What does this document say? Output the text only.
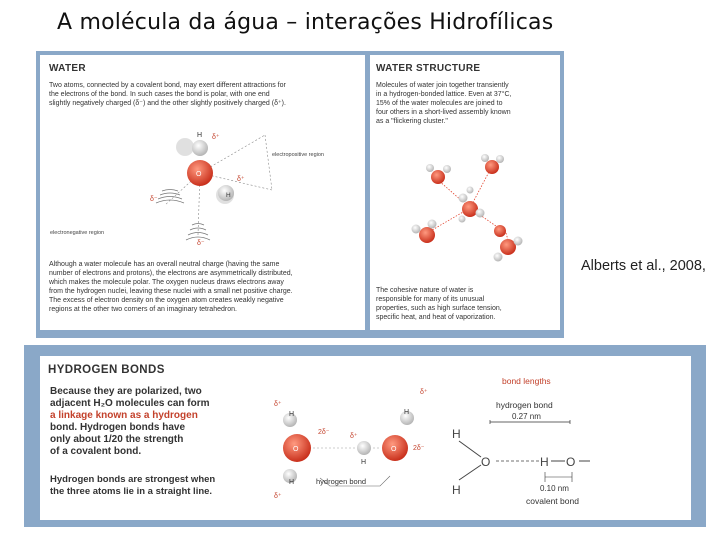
A molécula da água – interações Hidrofílicas
WATER
Two atoms, connected by a covalent bond, may exert different attractions for
the electrons of the bond. In such cases the bond is polar, with one end
slightly negatively charged (δ⁻) and the other slightly positively charged (δ⁺).
H
O
H
δ⁺
δ⁺
δ⁻
δ⁻
electropositive region
electronegative region
Although a water molecule has an overall neutral charge (having the same
number of electrons and protons), the electrons are asymmetrically distributed,
which makes the molecule polar. The oxygen nucleus draws electrons away
from the hydrogen nuclei, leaving these nuclei with a small net positive charge.
The excess of electron density on the oxygen atom creates weakly negative
regions at the other two corners of an imaginary tetrahedron.
WATER STRUCTURE
Molecules of water join together transiently
in a hydrogen-bonded lattice. Even at 37°C,
15% of the water molecules are joined to
four others in a short-lived assembly known
as a "flickering cluster."
The cohesive nature of water is
responsible for many of its unusual
properties, such as high surface tension,
specific heat, and heat of vaporization.
Alberts et al., 2008,
HYDROGEN BONDS
Because they are polarized, two
adjacent H₂O molecules can form
a linkage known as a hydrogen
bond. Hydrogen bonds have
only about 1/20 the strength
of a covalent bond.
Hydrogen bonds are strongest when
the three atoms lie in a straight line.
H
H
H
H
O	O
δ⁺
2δ⁻
2δ⁻
δ⁺
δ⁺
δ⁺
hydrogen bond
bond lengths
hydrogen bond
0.27 nm
H
H
O	H O
0.10 nm
covalent bond
